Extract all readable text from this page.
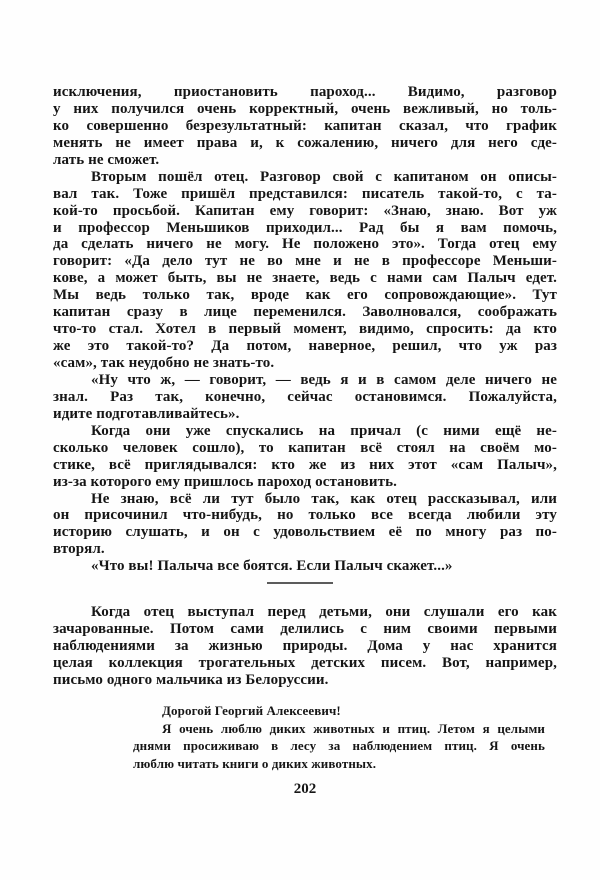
исключения, приостановить пароход... Видимо, разговор
у них получился очень корректный, очень вежливый, но толь-
ко совершенно безрезультатный: капитан сказал, что график
менять не имеет права и, к сожалению, ничего для него сде-
лать не сможет.
Вторым пошёл отец. Разговор свой с капитаном он описы-
вал так. Тоже пришёл представился: писатель такой-то, с та-
кой-то просьбой. Капитан ему говорит: «Знаю, знаю. Вот уж
и профессор Меньшиков приходил... Рад бы я вам помочь,
да сделать ничего не могу. Не положено это». Тогда отец ему
говорит: «Да дело тут не во мне и не в профессоре Меньши-
кове, а может быть, вы не знаете, ведь с нами сам Палыч едет.
Мы ведь только так, вроде как его сопровождающие». Тут
капитан сразу в лице переменился. Заволновался, соображать
что-то стал. Хотел в первый момент, видимо, спросить: да кто
же это такой-то? Да потом, наверное, решил, что уж раз
«сам», так неудобно не знать-то.
«Ну что ж, — говорит, — ведь я и в самом деле ничего не
знал. Раз так, конечно, сейчас остановимся. Пожалуйста,
идите подготавливайтесь».
Когда они уже спускались на причал (с ними ещё не-
сколько человек сошло), то капитан всё стоял на своём мо-
стике, всё приглядывался: кто же из них этот «сам Палыч»,
из-за которого ему пришлось пароход остановить.
Не знаю, всё ли тут было так, как отец рассказывал, или
он присочинил что-нибудь, но только все всегда любили эту
историю слушать, и он с удовольствием её по многу раз по-
вторял.
«Что вы! Палыча все боятся. Если Палыч скажет...»
Когда отец выступал перед детьми, они слушали его как
зачарованные. Потом сами делились с ним своими первыми
наблюдениями за жизнью природы. Дома у нас хранится
целая коллекция трогательных детских писем. Вот, например,
письмо одного мальчика из Белоруссии.
Дорогой Георгий Алексеевич!
Я очень люблю диких животных и птиц. Летом я целыми
днями просиживаю в лесу за наблюдением птиц. Я очень
люблю читать книги о диких животных.
202
